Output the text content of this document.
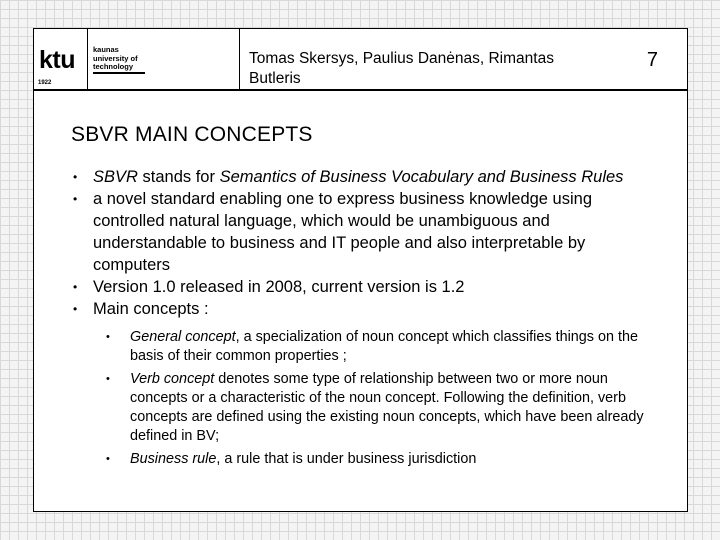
ktu
1922
kaunas
university of
technology	Tomas Skersys, Paulius Danėnas, Rimantas Butleris
7
SBVR MAIN CONCEPTS
• SBVR stands for Semantics of Business Vocabulary and Business Rules
• a novel standard enabling one to express business knowledge using controlled natural language, which would be unambiguous and understandable to business and IT people and also interpretable by computers
• Version 1.0 released in 2008, current version is 1.2
• Main concepts :
• General concept, a specialization of noun concept which classifies things on the basis of their common properties ;
• Verb concept denotes some type of relationship between two or more noun concepts or a characteristic of the noun concept. Following the definition, verb concepts are defined using the existing noun concepts, which have been already defined in BV;
• Business rule, a rule that is under business jurisdiction
